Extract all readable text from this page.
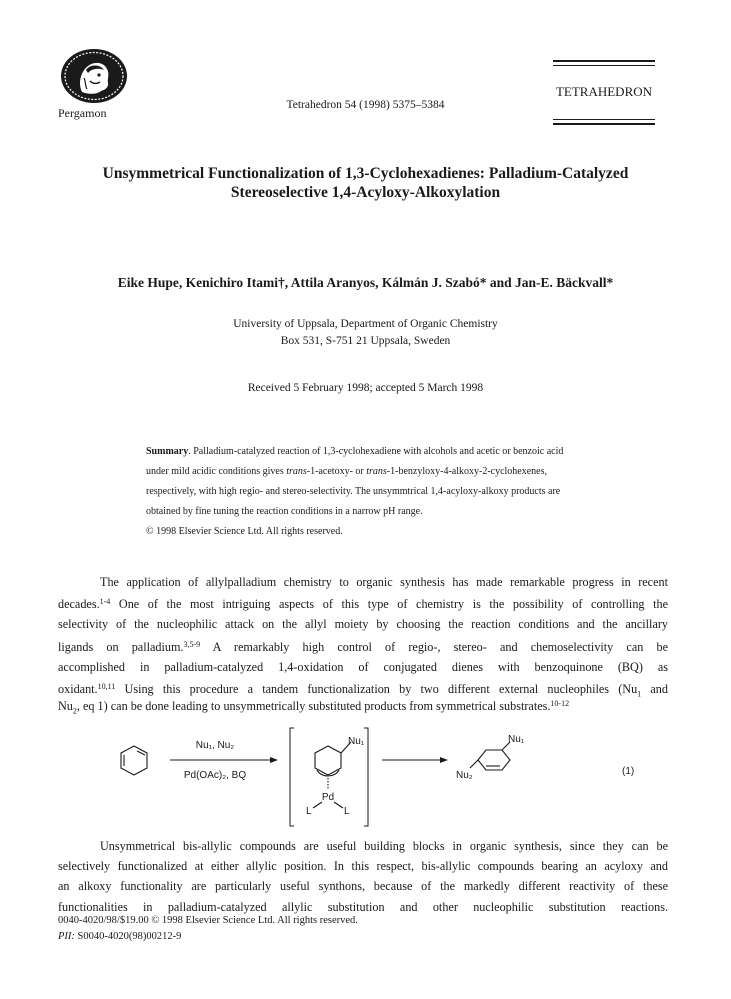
Pergamon
Tetrahedron 54 (1998) 5375–5384
TETRAHEDRON
Unsymmetrical Functionalization of 1,3-Cyclohexadienes: Palladium-Catalyzed
Stereoselective 1,4-Acyloxy-Alkoxylation
Eike Hupe, Kenichiro Itami†, Attila Aranyos, Kálmán J. Szabó* and Jan-E. Bäckvall*
University of Uppsala, Department of Organic Chemistry
Box 531, S-751 21 Uppsala, Sweden
Received 5 February 1998; accepted 5 March 1998

Summary. Palladium-catalyzed reaction of 1,3-cyclohexadiene with alcohols and acetic or benzoic acid

under mild acidic conditions gives trans-1-acetoxy- or trans-1-benzyloxy-4-alkoxy-2-cyclohexenes,

respectively, with high regio- and stereo-selectivity. The unsymmtrical 1,4-acyloxy-alkoxy products are

obtained by fine tuning the reaction conditions in a narrow pH range.

© 1998 Elsevier Science Ltd. All rights reserved.

The application of allylpalladium chemistry to organic synthesis has made remarkable progress in recent
decades.$^{1-4}$ One of the most intriguing aspects of this type of chemistry is the possibility of controlling the
selectivity of the nucleophilic attack on the allyl moiety by choosing the reaction conditions and the ancillary
ligands on palladium.$^{3,5-9}$ A remarkably high control of regio-, stereo- and chemoselectivity can be
accomplished in palladium-catalyzed 1,4-oxidation of conjugated dienes with benzoquinone (BQ) as
oxidant.$^{10,11}$ Using this procedure a tandem functionalization by two different external nucleophiles ($Nu_1$ and
$Nu_2$, eq 1) can be done leading to unsymmetrically substituted products from symmetrical substrates.$^{10-12}$
Nu₁, Nu₂
Pd(OAc)₂, BQ
Nu₁
Pd
L	L
Nu₁
Nu₂	(1)
Unsymmetrical bis-allylic compounds are useful building blocks in organic synthesis, since they can be
selectively functionalized at either allylic position. In this respect, bis-allylic compounds bearing an acyloxy and
an alkoxy functionality are particularly useful synthons, because of the markedly different reactivity of these
functionalities in palladium-catalyzed allylic substitution and other nucleophilic substitution reactions.
0040-4020/98/$19.00 © 1998 Elsevier Science Ltd. All rights reserved.
PII: S0040-4020(98)00212-9
